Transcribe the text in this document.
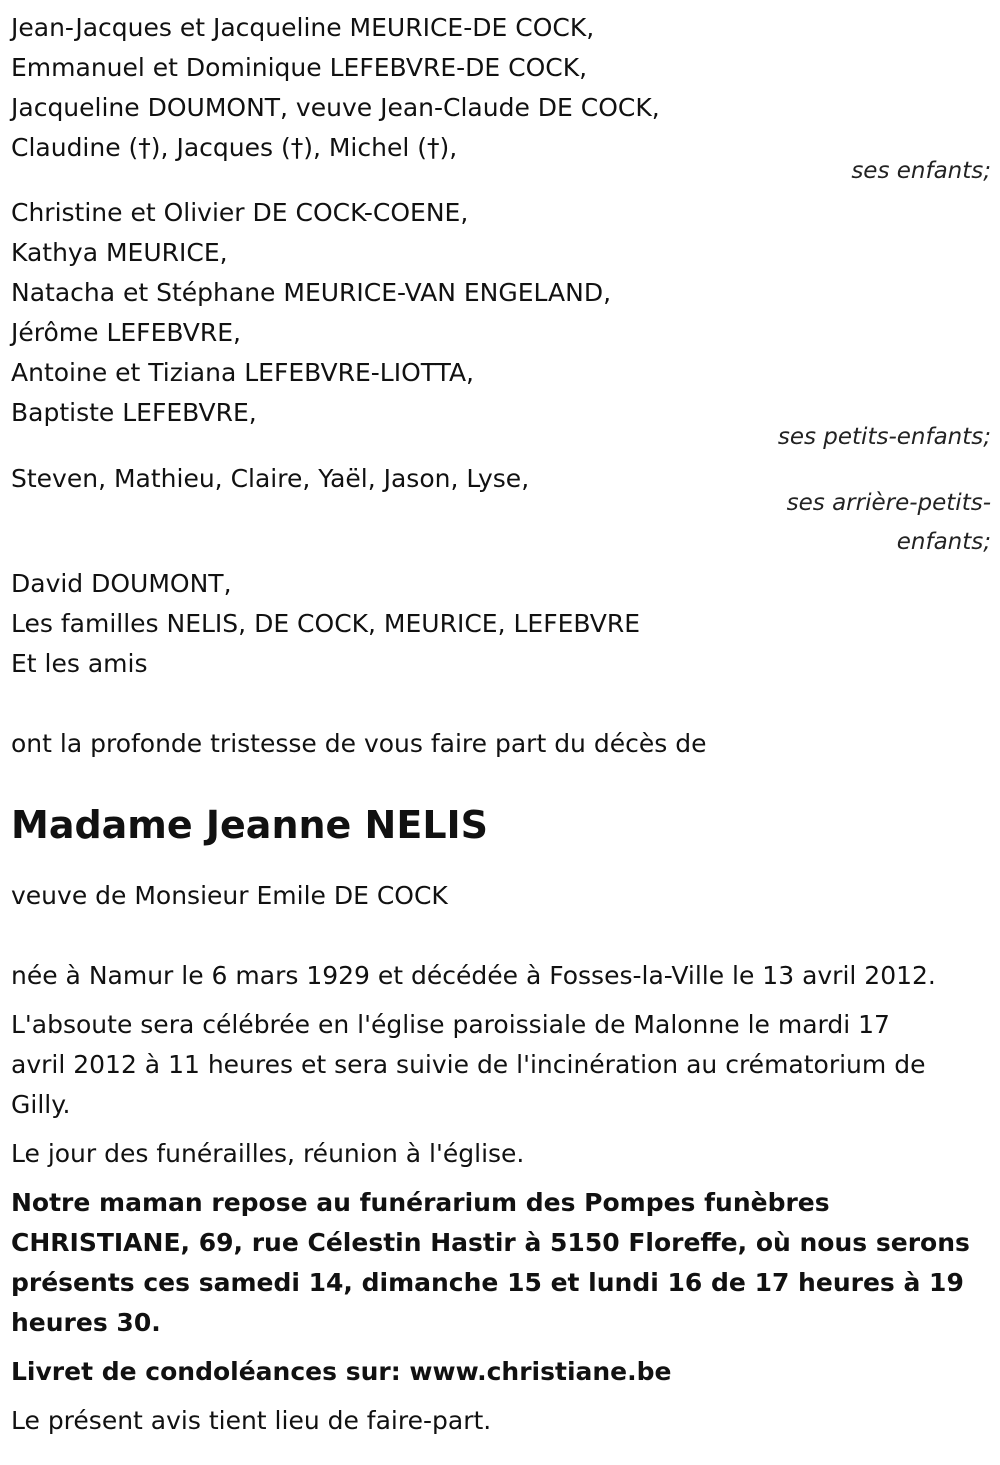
Jean-Jacques et Jacqueline MEURICE-DE COCK,
Emmanuel et Dominique LEFEBVRE-DE COCK,
Jacqueline DOUMONT, veuve Jean-Claude DE COCK,
Claudine (†), Jacques (†), Michel (†),
ses enfants;
Christine et Olivier DE COCK-COENE,
Kathya MEURICE,
Natacha et Stéphane MEURICE-VAN ENGELAND,
Jérôme LEFEBVRE,
Antoine et Tiziana LEFEBVRE-LIOTTA,
Baptiste LEFEBVRE,
ses petits-enfants;
Steven, Mathieu, Claire, Yaël, Jason, Lyse,
ses arrière-petits-
enfants;
David DOUMONT,
Les familles NELIS, DE COCK, MEURICE, LEFEBVRE
Et les amis
ont la profonde tristesse de vous faire part du décès de
Madame Jeanne NELIS
veuve de Monsieur Emile DE COCK
née à Namur le 6 mars 1929 et décédée à Fosses-la-Ville le 13 avril 2012.
L'absoute sera célébrée en l'église paroissiale de Malonne le mardi 17
avril 2012 à 11 heures et sera suivie de l'incinération au crématorium de
Gilly.
Le jour des funérailles, réunion à l'église.
Notre maman repose au funérarium des Pompes funèbres
CHRISTIANE, 69, rue Célestin Hastir à 5150 Floreffe, où nous serons
présents ces samedi 14, dimanche 15 et lundi 16 de 17 heures à 19
heures 30.
Livret de condoléances sur: www.christiane.be
Le présent avis tient lieu de faire-part.
